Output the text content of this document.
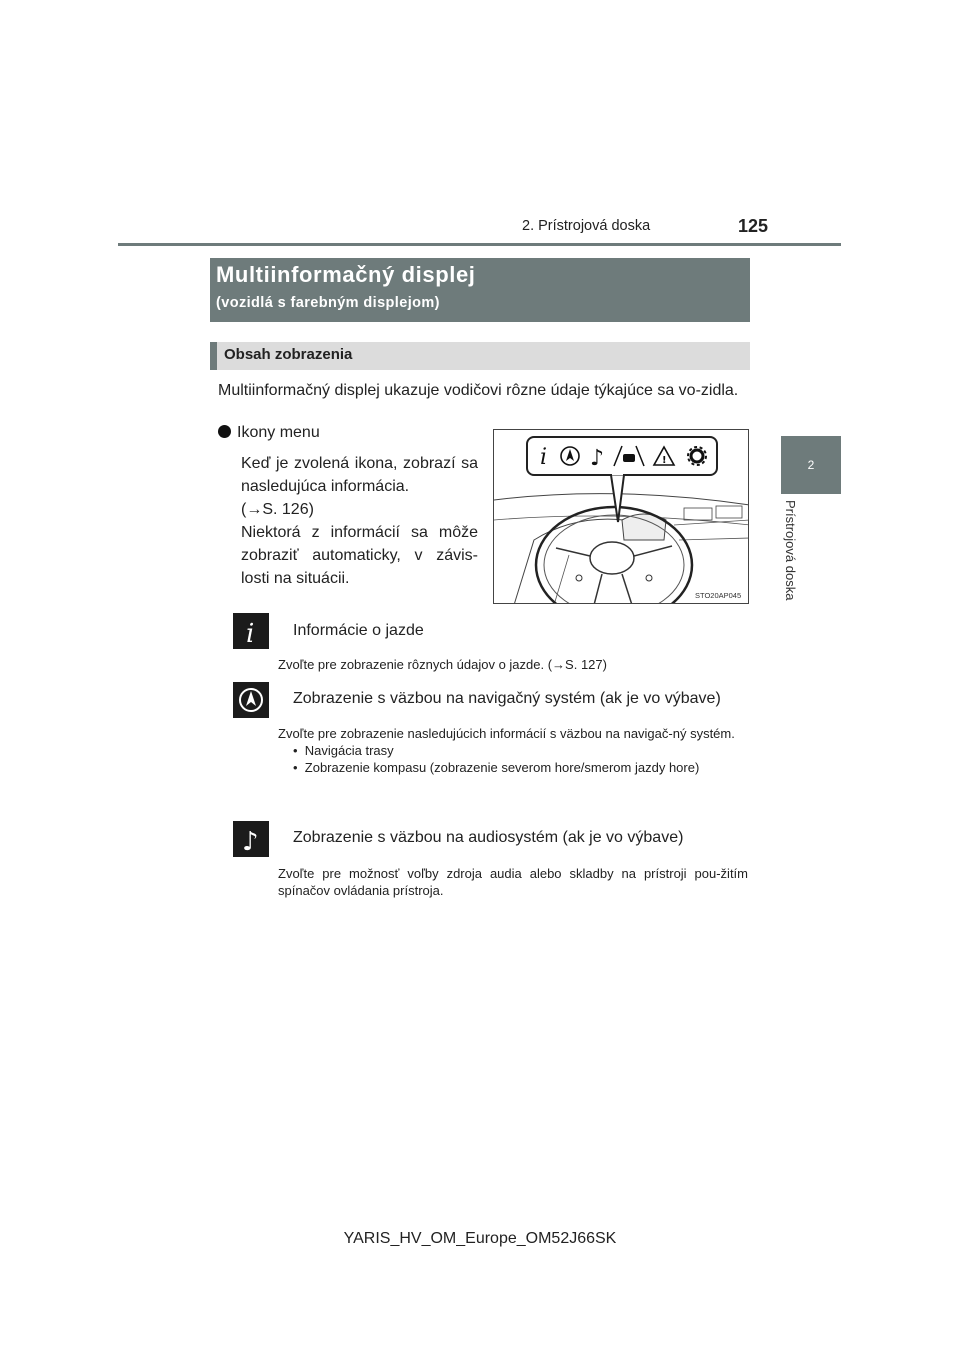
2. Prístrojová doska	125
2
Prístrojová doska
Multiinformačný displej
(vozidlá s farebným displejom)
Obsah zobrazenia
Multiinformačný displej ukazuje vodičovi rôzne údaje týkajúce sa vo-zidla.
Ikony menu

Keď je zvolená ikona, zobrazí sa nasledujúca informácia.

(→S. 126)

Niektorá z informácií sa môže zobraziť automaticky, v závis-losti na situácii.

i ♪	!
STO20AP045
i Informácie o jazde
Zvoľte pre zobrazenie rôznych údajov o jazde. (→S. 127)
Zobrazenie s väzbou na navigačný systém (ak je vo výbave)

Zvoľte pre zobrazenie nasledujúcich informácií s väzbou na navigač-ný systém.

•  Navigácia trasy

•  Zobrazenie kompasu (zobrazenie severom hore/smerom jazdy hore)

♪ Zobrazenie s väzbou na audiosystém (ak je vo výbave)
Zvoľte pre možnosť voľby zdroja audia alebo skladby na prístroji pou-žitím spínačov ovládania prístroja.
YARIS_HV_OM_Europe_OM52J66SK
